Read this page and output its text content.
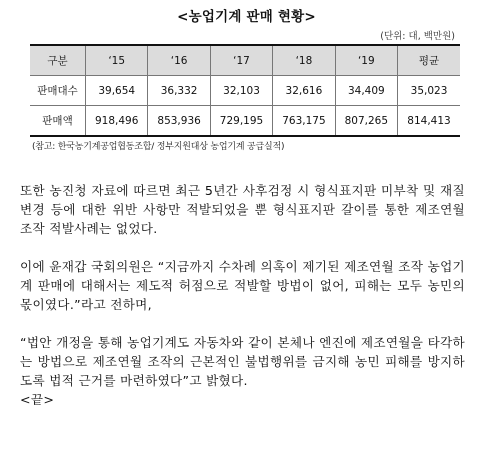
<농업기계 판매 현황>
(단위: 대, 백만원)
구분	‘15	‘16	‘17	‘18	‘19	평균
판매대수	39,654	36,332	32,103	32,616	34,409	35,023
판매액	918,496	853,936	729,195	763,175	807,265	814,413
(참고: 한국농기계공업협동조합/ 정부지원대상 농업기계 공급실적)

또한 농진청 자료에 따르면 최근 5년간 사후검정 시 형식표지판 미부착 및 재질 변경 등에 대한 위반 사항만 적발되었을 뿐 형식표지판 갈이를 통한 제조연월 조작 적발사례는 없었다.

이에 윤재갑 국회의원은 “지금까지 수차례 의혹이 제기된 제조연월 조작 농업기계 판매에 대해서는 제도적 허점으로 적발할 방법이 없어, 피해는 모두 농민의 몫이였다.”라고 전하며,

“법안 개정을 통해 농업기계도 자동차와 같이 본체나 엔진에 제조연월을 타각하는 방법으로 제조연월 조작의 근본적인 불법행위를 금지해 농민 피해를 방지하도록 법적 근거를 마련하였다”고 밝혔다.

<끝>
